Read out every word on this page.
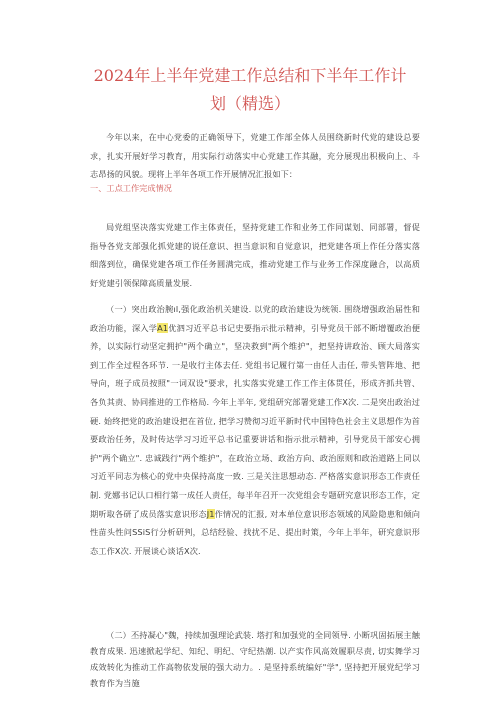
2024年上半年党建工作总结和下半年工作计
划（精选）
今年以来，在中心党委的正确领导下，党建工作部全体人员围绕新时代党的建设总要求，扎实开展好学习教育，用实际行动落实中心党建工作其融，充分展现出积极向上、斗志昂扬的风貌。现将上半年各项工作开展情况汇报如下：
一、工点工作完成情况
局党组坚决落实党建工作主体责任，坚持党建工作和业务工作同谋划、同部署，督促指导各党支部强化抓党建的说任意识、担当意识和自觉意识，把党建各项上作任分落实落细落到位，确保党建各项工作任务圆满完成，推动党建工作与业务工作深度融合，以高质好党建引领保障高质量发展.
（一）突出政治腕ıl,强化政治机关建设. 以党的政治建设为统领. 围绕增强政治届性和政治功能，深入学A1优泗习近平总书记史要指示批示精神，引导党员干部不断增覆政治便养，以实际行动坚定拥护"两个确立"，坚决救到"两个维护"，把坚持讲政治、顾大局落实到工作全过程各环节. 一是收行主体去任. 党组书记履行第一由任人击任, 带头管阵地、把导向，班子成员按照"一词双设"要求，扎实落实党建工作工作主体贯任，形成齐抓共管、各负其责、协同推进的工作格局. 今年上半年, 党组研究部署党建工作X次. 二是突出政治过硬. 始终把党的政治建设把在首位, 把学习赞彻习近平新时代中国特色社会主义思想作为首要政治任务，及时传达学习习近平总书记重要讲话和指示批示精神，引导党员干部安心拥护"两个确立". 忠诚践行"两个维护"，在政治立场、政治方向、政治原则和政治道路上同以习近平同志为核心的党中央保持高度一致. 三是关注思想动态. 严格落实意识形态工作责任制. 党娜书记认口相行第一成任人责任，每半年召开一次党组会专题研究意识形态工作，定期听取各研了成员落实意识形态J1作情况的汇报, 对本单位意识形态领域的风险隐患和倾向性苗头性问SSiS行分析研判，总结经验、找扰不足、提出时策，今年上半年，研究意识形态工作X次. 开展谈心谈话X次.
（二）丕持凝心"魏，持续加强理论武装. 塔打和加强党的全同领导. 小断巩固拓展主触教育成果. 迅速掀起学纪、知纪、明纪、守纪热潮. 以产实作风高效履职尽责, 切实舞学习成效转化为推动工作高物依发展的强大动力。. 是坚持系统编好"学", 坚持把开展党纪学习教育作为当施
